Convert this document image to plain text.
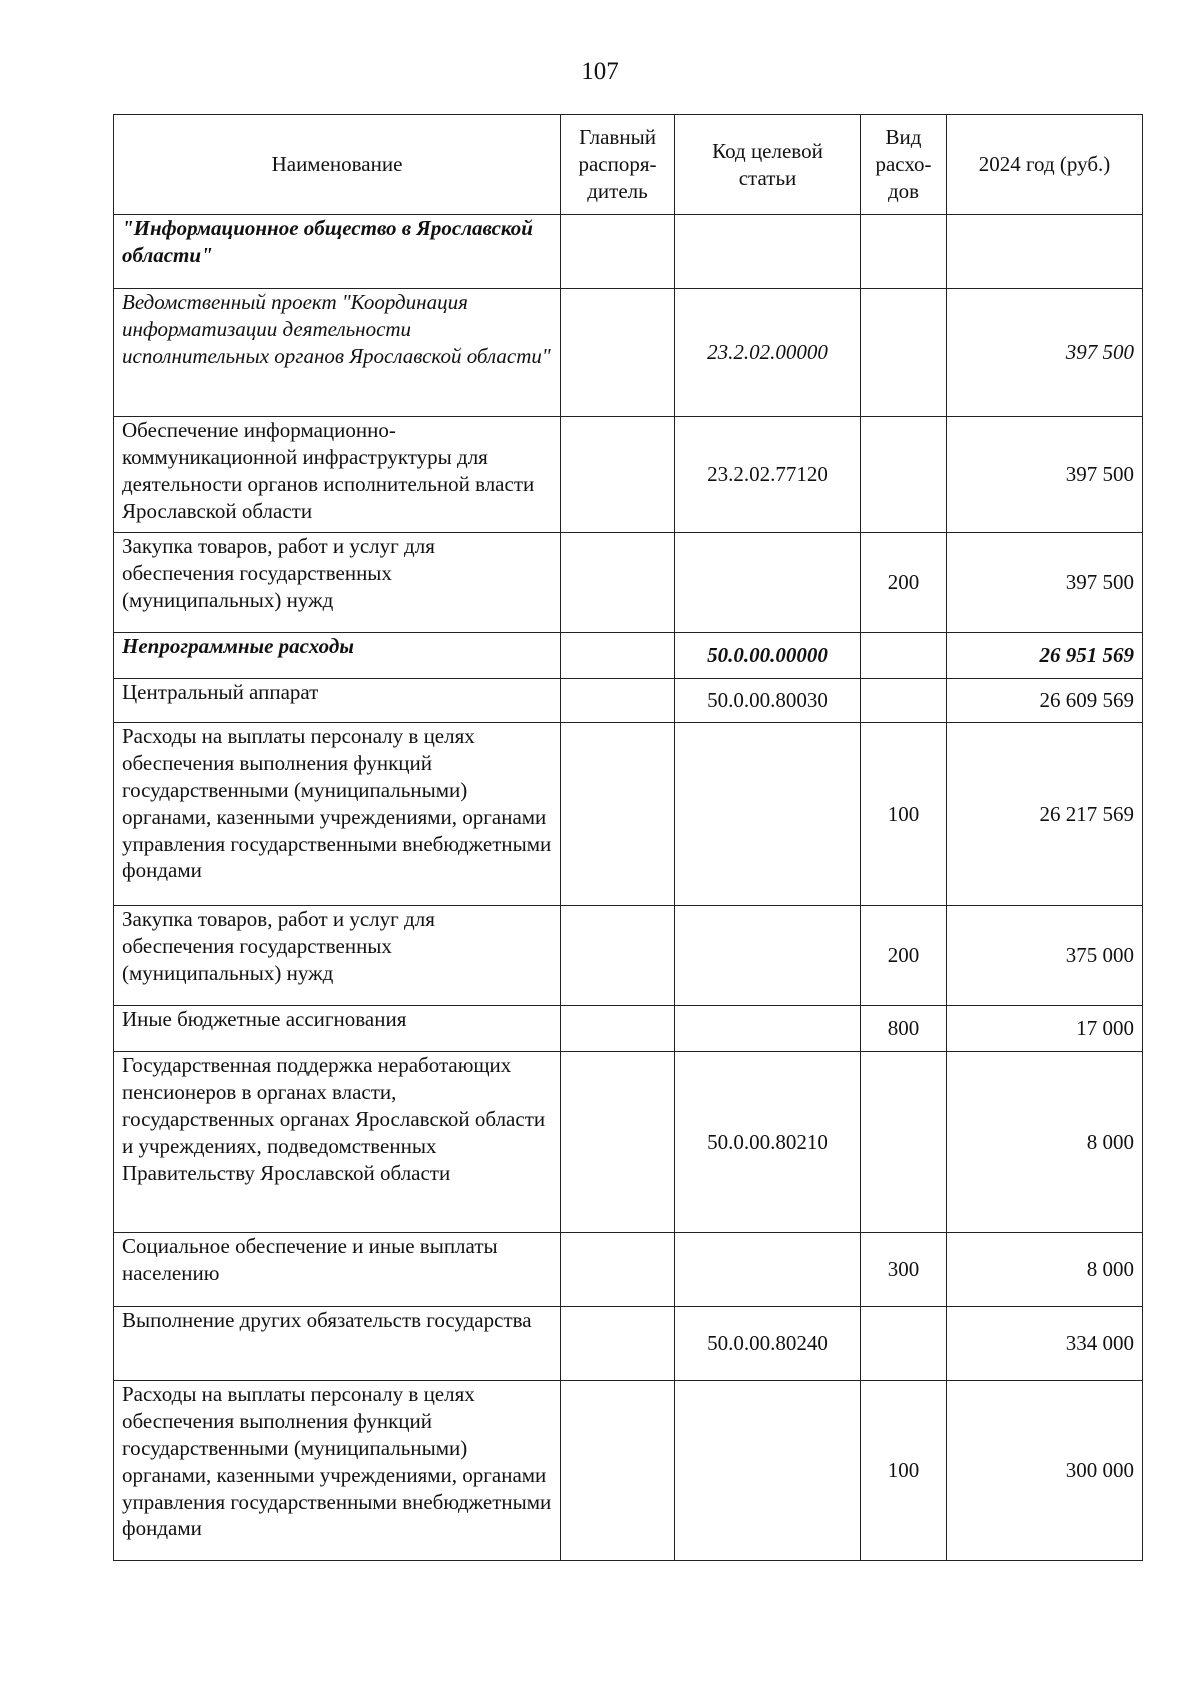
107
Наименование	Главный распоря-дитель	Код целевой статьи	Вид расхо-дов	2024 год (руб.)
"Информационное общество в Ярославской области"				
Ведомственный проект "Координация информатизации деятельности исполнительных органов Ярославской области"		23.2.02.00000		397 500
Обеспечение информационно-коммуникационной инфраструктуры для деятельности органов исполнительной власти Ярославской области		23.2.02.77120		397 500
Закупка товаров, работ и услуг для обеспечения государственных (муниципальных) нужд			200	397 500
Непрограммные расходы		50.0.00.00000		26 951 569
Центральный аппарат		50.0.00.80030		26 609 569
Расходы на выплаты персоналу в целях обеспечения выполнения функций государственными (муниципальными) органами, казенными учреждениями, органами управления государственными внебюджетными фондами			100	26 217 569
Закупка товаров, работ и услуг для обеспечения государственных (муниципальных) нужд			200	375 000
Иные бюджетные ассигнования			800	17 000
Государственная поддержка неработающих пенсионеров в органах власти, государственных органах Ярославской области и учреждениях, подведомственных Правительству Ярославской области		50.0.00.80210		8 000
Социальное обеспечение и иные выплаты населению			300	8 000
Выполнение других обязательств государства		50.0.00.80240		334 000
Расходы на выплаты персоналу в целях обеспечения выполнения функций государственными (муниципальными) органами, казенными учреждениями, органами управления государственными внебюджетными фондами			100	300 000
